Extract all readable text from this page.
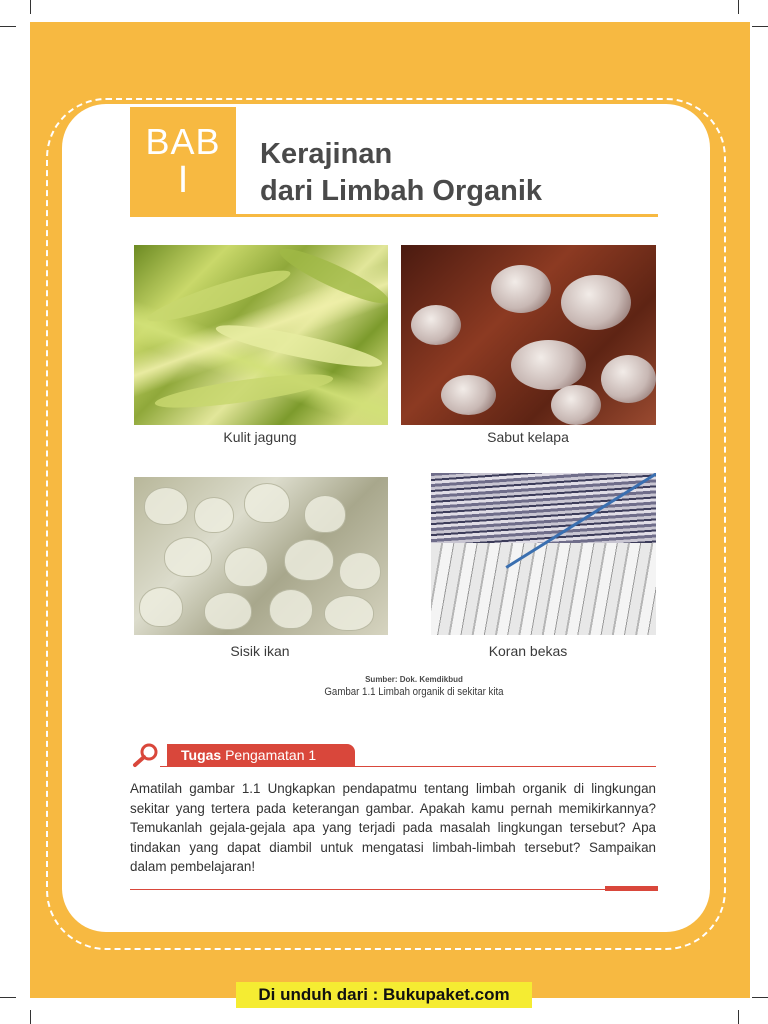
BAB
I
Kerajinan
dari Limbah Organik
Kulit jagung	Sabut kelapa
Sisik ikan	Koran bekas
Sumber: Dok. Kemdikbud
Gambar 1.1 Limbah organik di sekitar kita
Tugas Pengamatan 1
Amatilah gambar 1.1 Ungkapkan pendapatmu tentang limbah organik di lingkungan sekitar yang tertera pada keterangan gambar. Apakah kamu pernah memikirkannya? Temukanlah gejala-gejala apa yang terjadi pada masalah lingkungan tersebut? Apa tindakan yang dapat diambil untuk mengatasi limbah-limbah tersebut? Sampaikan dalam pembelajaran!
Di unduh dari : Bukupaket.com
